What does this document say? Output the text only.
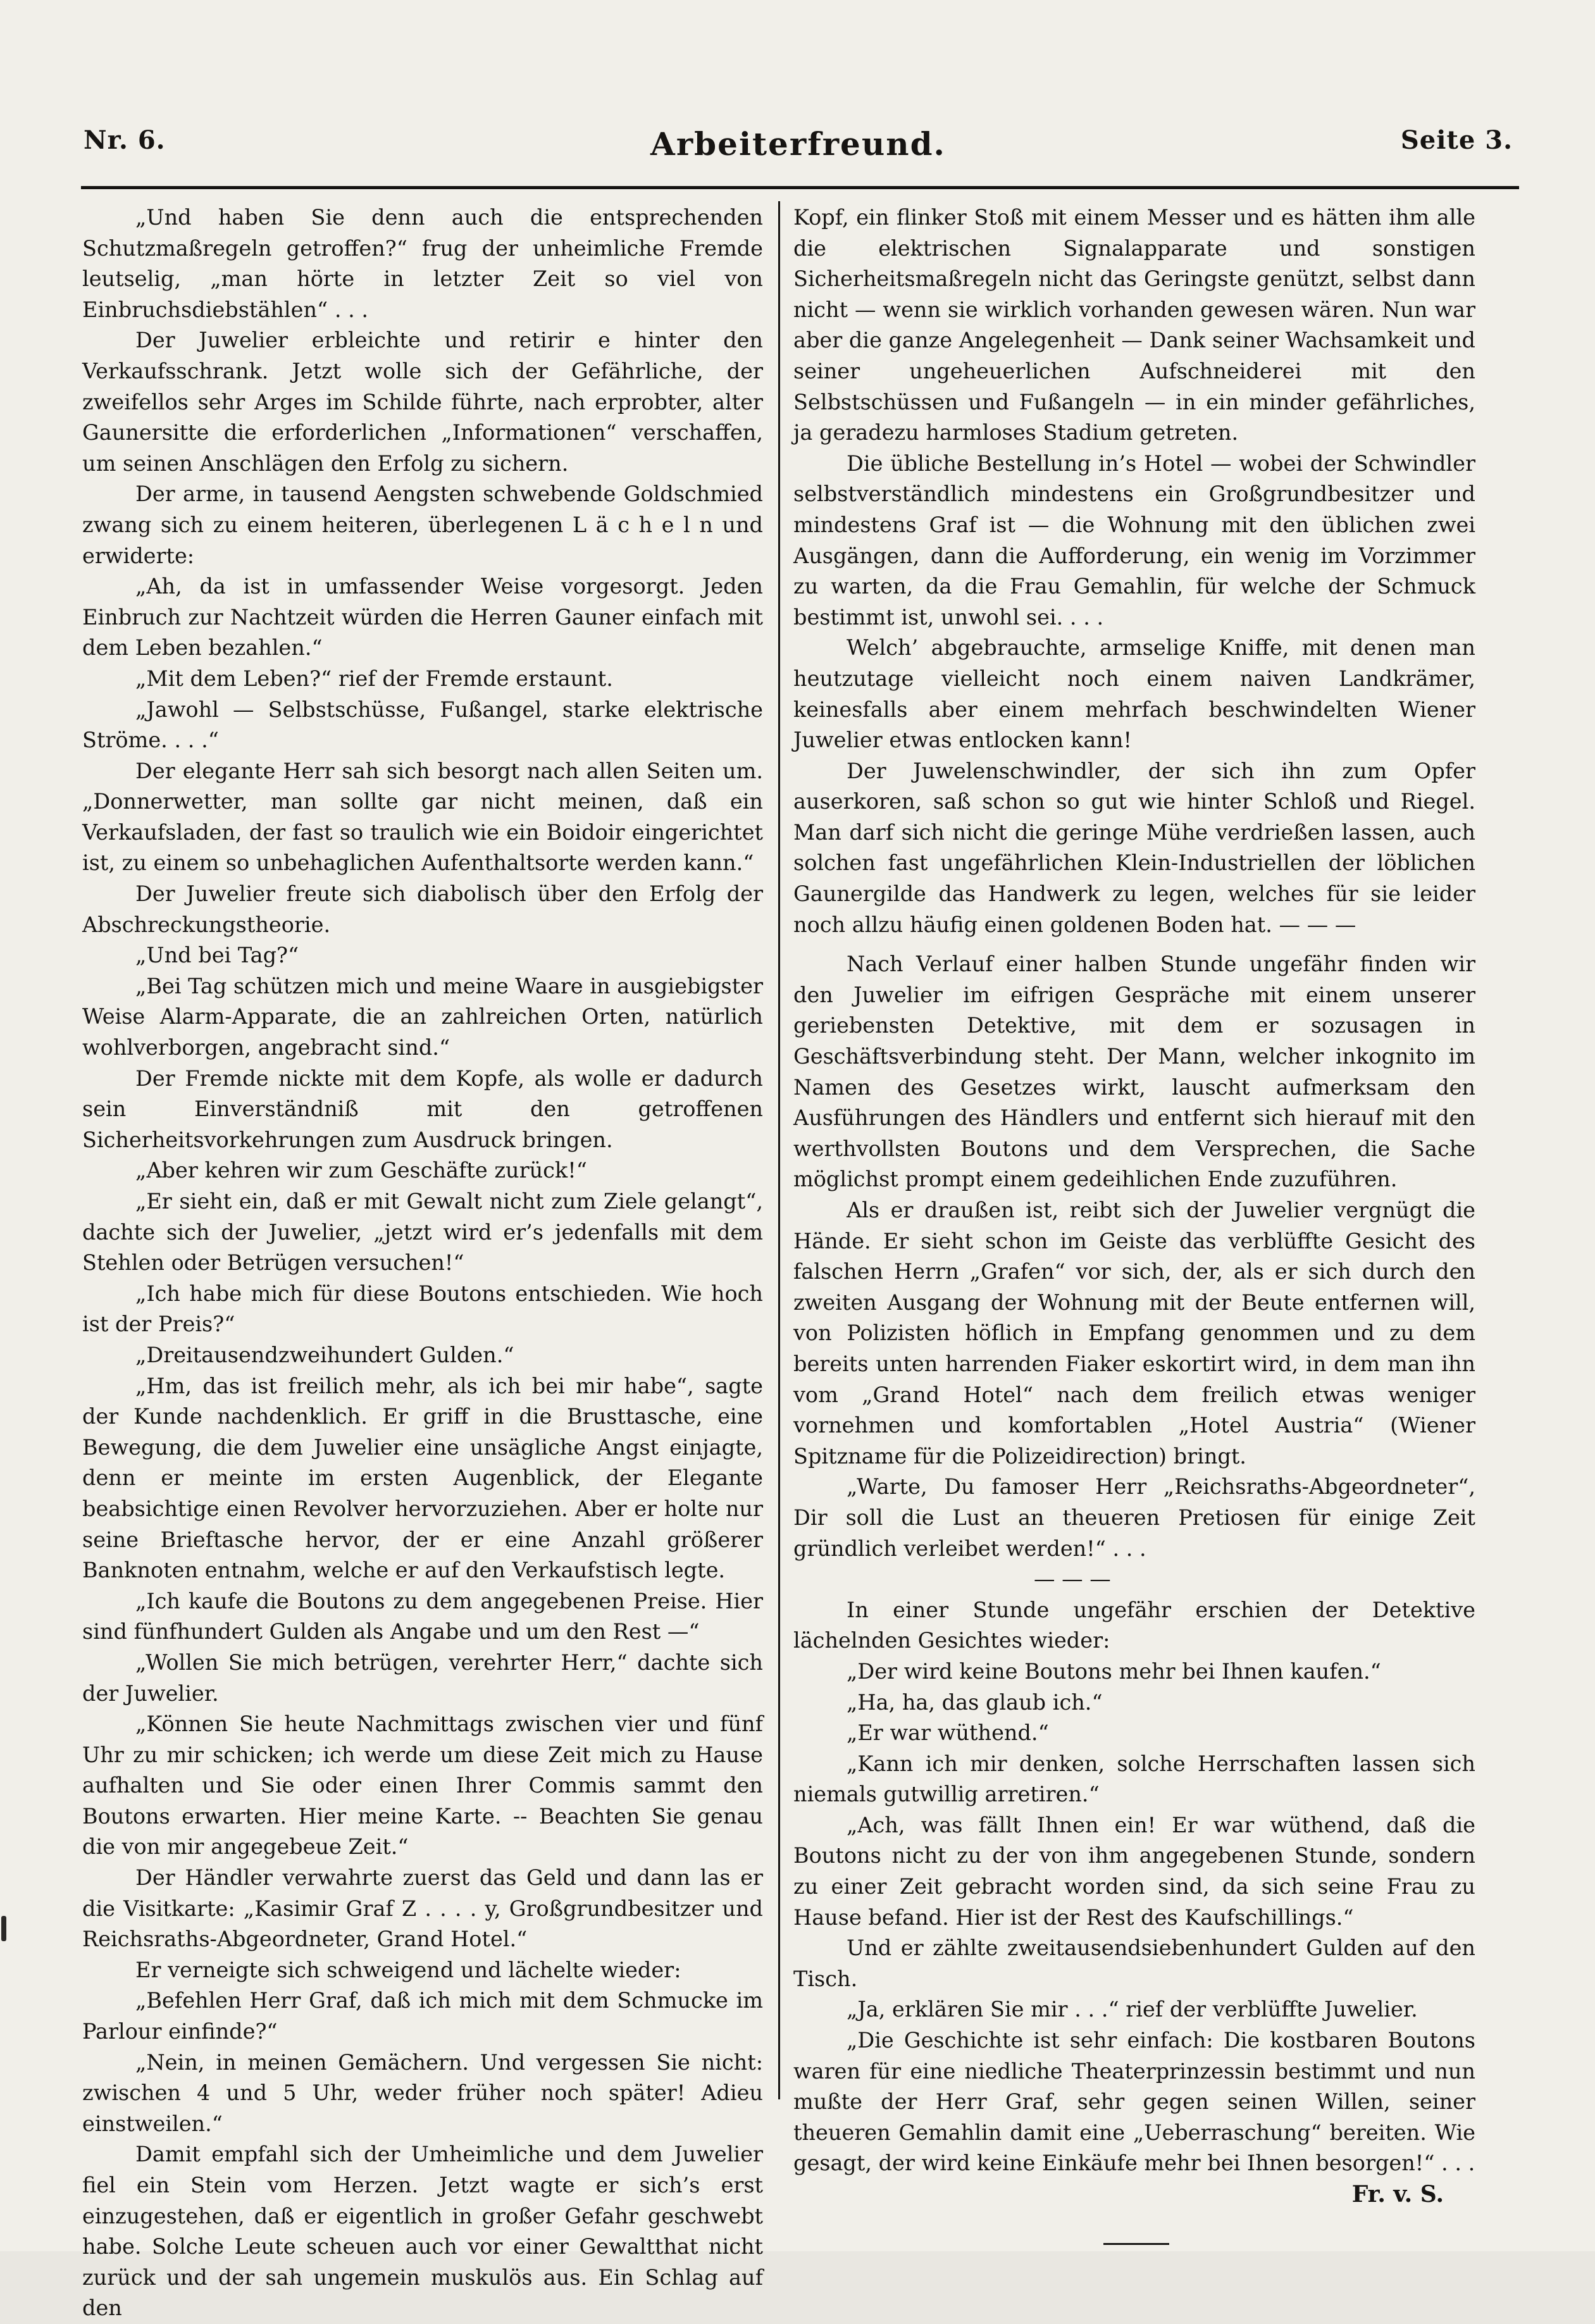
Nr. 6.	Arbeiterfreund.	Seite 3.

„Und haben Sie denn auch die entsprechenden Schutzmaßregeln getroffen?“ frug der unheimliche Fremde leutselig, „man hörte in letzter Zeit so viel von Einbruchsdiebstählen“ . . .

Der Juwelier erbleichte und retirir e hinter den Verkaufsschrank. Jetzt wolle sich der Gefährliche, der zweifellos sehr Arges im Schilde führte, nach erprobter, alter Gaunersitte die erforderlichen „Informationen“ verschaffen, um seinen Anschlägen den Erfolg zu sichern.

Der arme, in tausend Aengsten schwebende Goldschmied zwang sich zu einem heiteren, überlegenen L ä c h e l n und erwiderte:

„Ah, da ist in umfassender Weise vorgesorgt. Jeden Einbruch zur Nachtzeit würden die Herren Gauner einfach mit dem Leben bezahlen.“

„Mit dem Leben?“ rief der Fremde erstaunt.

„Jawohl — Selbstschüsse, Fußangel, starke elektrische Ströme. . . .“

Der elegante Herr sah sich besorgt nach allen Seiten um. „Donnerwetter, man sollte gar nicht meinen, daß ein Verkaufsladen, der fast so traulich wie ein Boidoir eingerichtet ist, zu einem so unbehaglichen Aufenthaltsorte werden kann.“

Der Juwelier freute sich diabolisch über den Erfolg der Abschreckungstheorie.

„Und bei Tag?“

„Bei Tag schützen mich und meine Waare in ausgiebigster Weise Alarm-Apparate, die an zahlreichen Orten, natürlich wohlverborgen, angebracht sind.“

Der Fremde nickte mit dem Kopfe, als wolle er dadurch sein Einverständniß mit den getroffenen Sicherheitsvorkehrungen zum Ausdruck bringen.

„Aber kehren wir zum Geschäfte zurück!“

„Er sieht ein, daß er mit Gewalt nicht zum Ziele gelangt“, dachte sich der Juwelier, „jetzt wird er’s jedenfalls mit dem Stehlen oder Betrügen versuchen!“

„Ich habe mich für diese Boutons entschieden. Wie hoch ist der Preis?“

„Dreitausendzweihundert Gulden.“

„Hm, das ist freilich mehr, als ich bei mir habe“, sagte der Kunde nachdenklich. Er griff in die Brusttasche, eine Bewegung, die dem Juwelier eine unsägliche Angst einjagte, denn er meinte im ersten Augenblick, der Elegante beabsichtige einen Revolver hervorzuziehen. Aber er holte nur seine Brieftasche hervor, der er eine Anzahl größerer Banknoten entnahm, welche er auf den Verkaufstisch legte.

„Ich kaufe die Boutons zu dem angegebenen Preise. Hier sind fünfhundert Gulden als Angabe und um den Rest —“

„Wollen Sie mich betrügen, verehrter Herr,“ dachte sich der Juwelier.

„Können Sie heute Nachmittags zwischen vier und fünf Uhr zu mir schicken; ich werde um diese Zeit mich zu Hause aufhalten und Sie oder einen Ihrer Commis sammt den Boutons erwarten. Hier meine Karte. -- Beachten Sie genau die von mir angegebeue Zeit.“

Der Händler verwahrte zuerst das Geld und dann las er die Visitkarte: „Kasimir Graf Z . . . . y, Großgrundbesitzer und Reichsraths-Abgeordneter, Grand Hotel.“

Er verneigte sich schweigend und lächelte wieder:

„Befehlen Herr Graf, daß ich mich mit dem Schmucke im Parlour einfinde?“

„Nein, in meinen Gemächern. Und vergessen Sie nicht: zwischen 4 und 5 Uhr, weder früher noch später! Adieu einstweilen.“

Damit empfahl sich der Umheimliche und dem Juwelier fiel ein Stein vom Herzen. Jetzt wagte er sich’s erst einzugestehen, daß er eigentlich in großer Gefahr geschwebt habe. Solche Leute scheuen auch vor einer Gewaltthat nicht zurück und der sah ungemein muskulös aus. Ein Schlag auf den

Kopf, ein flinker Stoß mit einem Messer und es hätten ihm alle die elektrischen Signalapparate und sonstigen Sicherheitsmaßregeln nicht das Geringste genützt, selbst dann nicht — wenn sie wirklich vorhanden gewesen wären. Nun war aber die ganze Angelegenheit — Dank seiner Wachsamkeit und seiner ungeheuerlichen Aufschneiderei mit den Selbstschüssen und Fußangeln — in ein minder gefährliches, ja geradezu harmloses Stadium getreten.

Die übliche Bestellung in’s Hotel — wobei der Schwindler selbstverständlich mindestens ein Großgrundbesitzer und mindestens Graf ist — die Wohnung mit den üblichen zwei Ausgängen, dann die Aufforderung, ein wenig im Vorzimmer zu warten, da die Frau Gemahlin, für welche der Schmuck bestimmt ist, unwohl sei. . . .

Welch’ abgebrauchte, armselige Kniffe, mit denen man heutzutage vielleicht noch einem naiven Landkrämer, keinesfalls aber einem mehrfach beschwindelten Wiener Juwelier etwas entlocken kann!

Der Juwelenschwindler, der sich ihn zum Opfer auserkoren, saß schon so gut wie hinter Schloß und Riegel. Man darf sich nicht die geringe Mühe verdrießen lassen, auch solchen fast ungefährlichen Klein-Industriellen der löblichen Gaunergilde das Handwerk zu legen, welches für sie leider noch allzu häufig einen goldenen Boden hat. — — —

Nach Verlauf einer halben Stunde ungefähr finden wir den Juwelier im eifrigen Gespräche mit einem unserer geriebensten Detektive, mit dem er sozusagen in Geschäftsverbindung steht. Der Mann, welcher inkognito im Namen des Gesetzes wirkt, lauscht aufmerksam den Ausführungen des Händlers und entfernt sich hierauf mit den werthvollsten Boutons und dem Versprechen, die Sache möglichst prompt einem gedeihlichen Ende zuzuführen.

Als er draußen ist, reibt sich der Juwelier vergnügt die Hände. Er sieht schon im Geiste das verblüffte Gesicht des falschen Herrn „Grafen“ vor sich, der, als er sich durch den zweiten Ausgang der Wohnung mit der Beute entfernen will, von Polizisten höflich in Empfang genommen und zu dem bereits unten harrenden Fiaker eskortirt wird, in dem man ihn vom „Grand Hotel“ nach dem freilich etwas weniger vornehmen und komfortablen „Hotel Austria“ (Wiener Spitzname für die Polizeidirection) bringt.

„Warte, Du famoser Herr „Reichsraths-Abgeordneter“, Dir soll die Lust an theueren Pretiosen für einige Zeit gründlich verleibet werden!“ . . .

— — —

In einer Stunde ungefähr erschien der Detektive lächelnden Gesichtes wieder:

„Der wird keine Boutons mehr bei Ihnen kaufen.“

„Ha, ha, das glaub ich.“

„Er war wüthend.“

„Kann ich mir denken, solche Herrschaften lassen sich niemals gutwillig arretiren.“

„Ach, was fällt Ihnen ein! Er war wüthend, daß die Boutons nicht zu der von ihm angegebenen Stunde, sondern zu einer Zeit gebracht worden sind, da sich seine Frau zu Hause befand. Hier ist der Rest des Kaufschillings.“

Und er zählte zweitausendsiebenhundert Gulden auf den Tisch.

„Ja, erklären Sie mir . . .“ rief der verblüffte Juwelier.

„Die Geschichte ist sehr einfach: Die kostbaren Boutons waren für eine niedliche Theaterprinzessin bestimmt und nun mußte der Herr Graf, sehr gegen seinen Willen, seiner theueren Gemahlin damit eine „Ueberraschung“ bereiten. Wie gesagt, der wird keine Einkäufe mehr bei Ihnen besorgen!“ . . .

Fr. v. S.
